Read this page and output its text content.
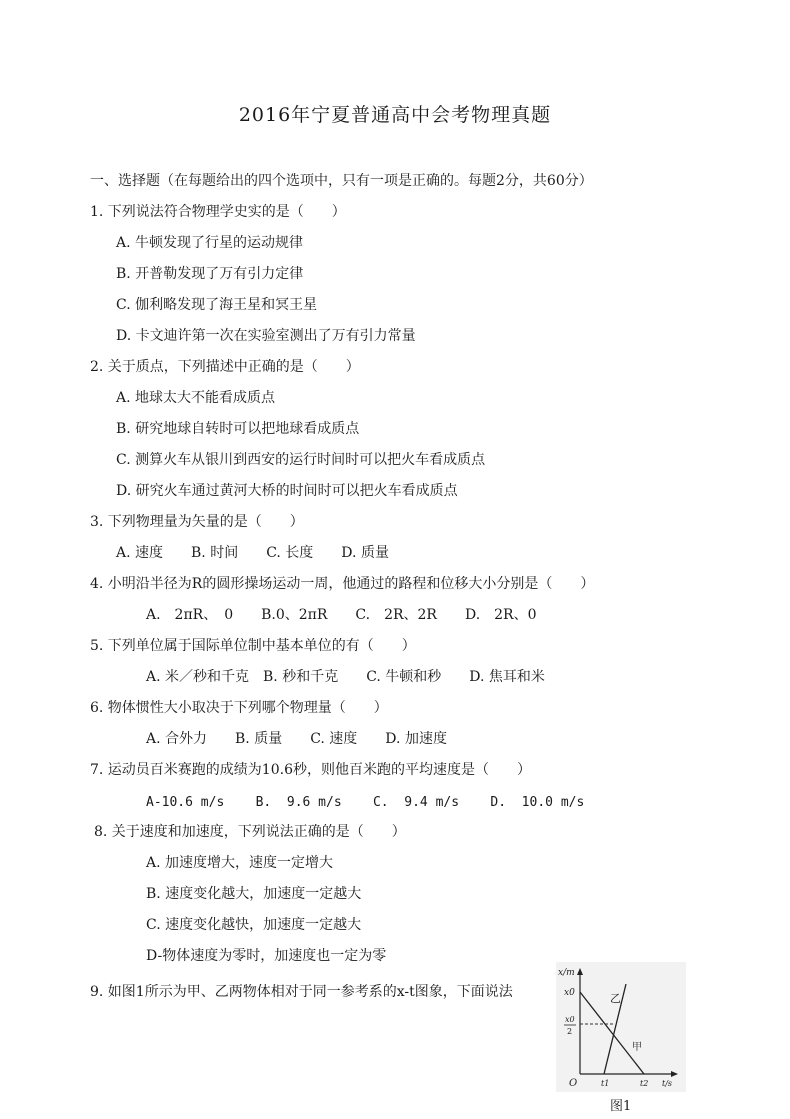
2016年宁夏普通高中会考物理真题
一、选择题（在每题给出的四个选项中，只有一项是正确的。每题2分，共60分）
1. 下列说法符合物理学史实的是（　　）
A. 牛顿发现了行星的运动规律
B. 开普勒发现了万有引力定律
C. 伽利略发现了海王星和冥王星
D. 卡文迪许第一次在实验室测出了万有引力常量
2. 关于质点，下列描述中正确的是（　　）
A. 地球太大不能看成质点
B. 研究地球自转时可以把地球看成质点
C. 测算火车从银川到西安的运行时间时可以把火车看成质点
D. 研究火车通过黄河大桥的时间时可以把火车看成质点
3. 下列物理量为矢量的是（　　）
A. 速度　　B. 时间　　C. 长度　　D. 质量
4. 小明沿半径为R的圆形操场运动一周，他通过的路程和位移大小分别是（　　）
A.　2πR、　0　　B.0、2πR　　C.　2R、2R　　D.　2R、0
5. 下列单位属于国际单位制中基本单位的有（　　）
A. 米／秒和千克　B. 秒和千克　　C. 牛顿和秒　　D. 焦耳和米
6. 物体惯性大小取决于下列哪个物理量（　　）
A. 合外力　　B. 质量　　C. 速度　　D. 加速度
7. 运动员百米赛跑的成绩为10.6秒，则他百米跑的平均速度是（　　）
A-10.6 m/s    B.  9.6 m/s    C.  9.4 m/s    D.  10.0 m/s
8. 关于速度和加速度，下列说法正确的是（　　）
A. 加速度增大，速度一定增大
B. 速度变化越大，加速度一定越大
C. 速度变化越快，加速度一定越大
D-物体速度为零时，加速度也一定为零
9. 如图1所示为甲、乙两物体相对于同一参考系的x-t图象，下面说法
x/m
x0
x0
2
O	t1	t2 t/s
乙
甲
图1
